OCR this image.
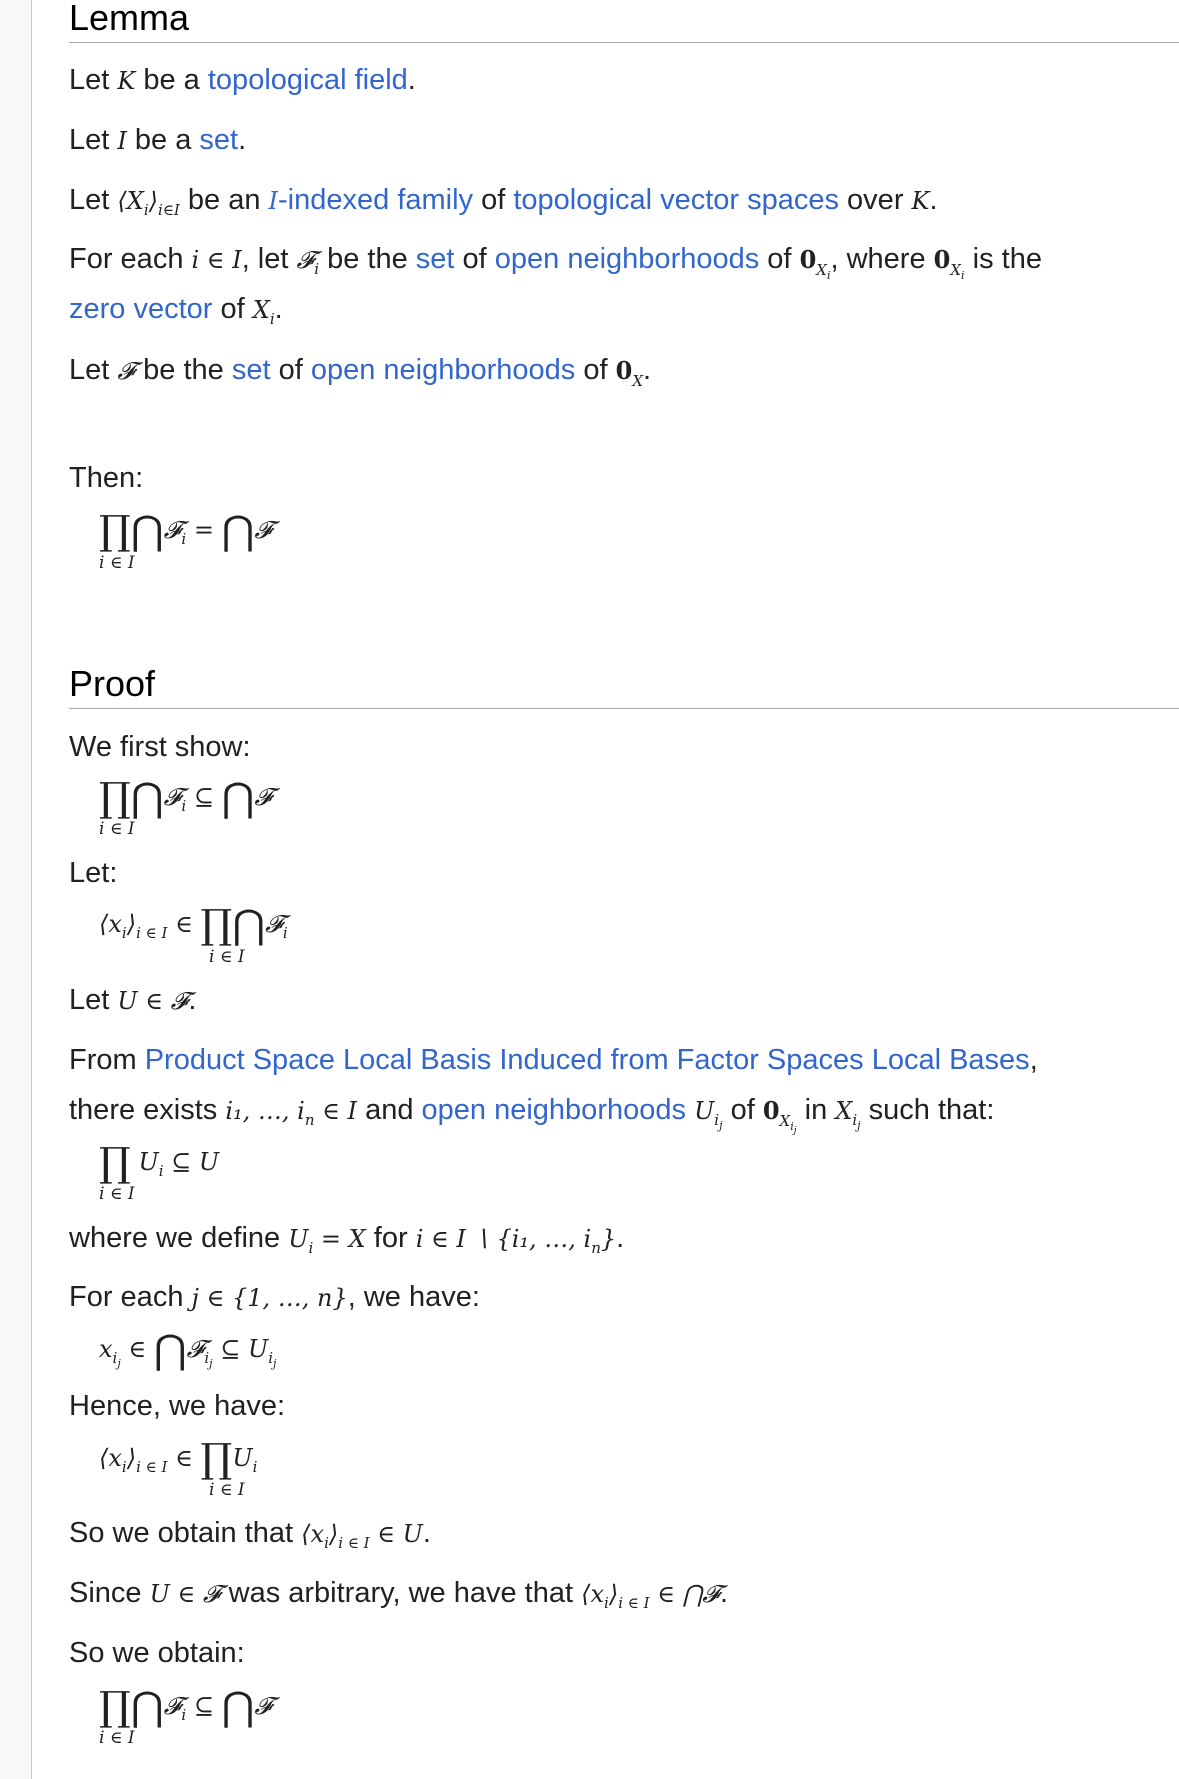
Lemma
Let K be a topological field.
Let I be a set.
Let $⟨X_i⟩_{i\in I}$ be an I-indexed family of topological vector spaces over K.
For each i ∈ I, let 𝓕$_i$ be the set of open neighborhoods of $0_{X_i}$, where $0_{X_i}$ is the
zero vector of $X_i$.
Let 𝓕 be the set of open neighborhoods of $0_X$.
Then:
∏⋂𝓕$_i$ = ⋂𝓕
i ∈ I
Proof
We first show:
∏⋂𝓕$_i$ ⊆ ⋂𝓕
i ∈ I
Let:
$⟨x_i⟩_{i \in I}$ ∈ ∏⋂𝓕$_i$
i ∈ I
Let U ∈ 𝓕.
From Product Space Local Basis Induced from Factor Spaces Local Bases,
there exists i₁, …, $i_n$ ∈ I and open neighborhoods $U_{i_j}$ of $0_{X_{i_j}}$ in $X_{i_j}$ such that:
∏ $U_i$ ⊆ U
i ∈ I
where we define $U_i = X$ for i ∈ I ∖ {i₁, …, $i_n$}.
For each j ∈ {1, …, n}, we have:
$x_{i_j}$ ∈ ⋂𝓕$_{i_j}$ ⊆ $U_{i_j}$
Hence, we have:
$⟨x_i⟩_{i \in I}$ ∈ $\prod U_i$
i ∈ I
So we obtain that $⟨x_i⟩_{i \in I}$ ∈ U.
Since U ∈ 𝓕 was arbitrary, we have that $⟨x_i⟩_{i \in I}$ ∈ ⋂𝓕.
So we obtain:
∏⋂𝓕$_i$ ⊆ ⋂𝓕
i ∈ I
